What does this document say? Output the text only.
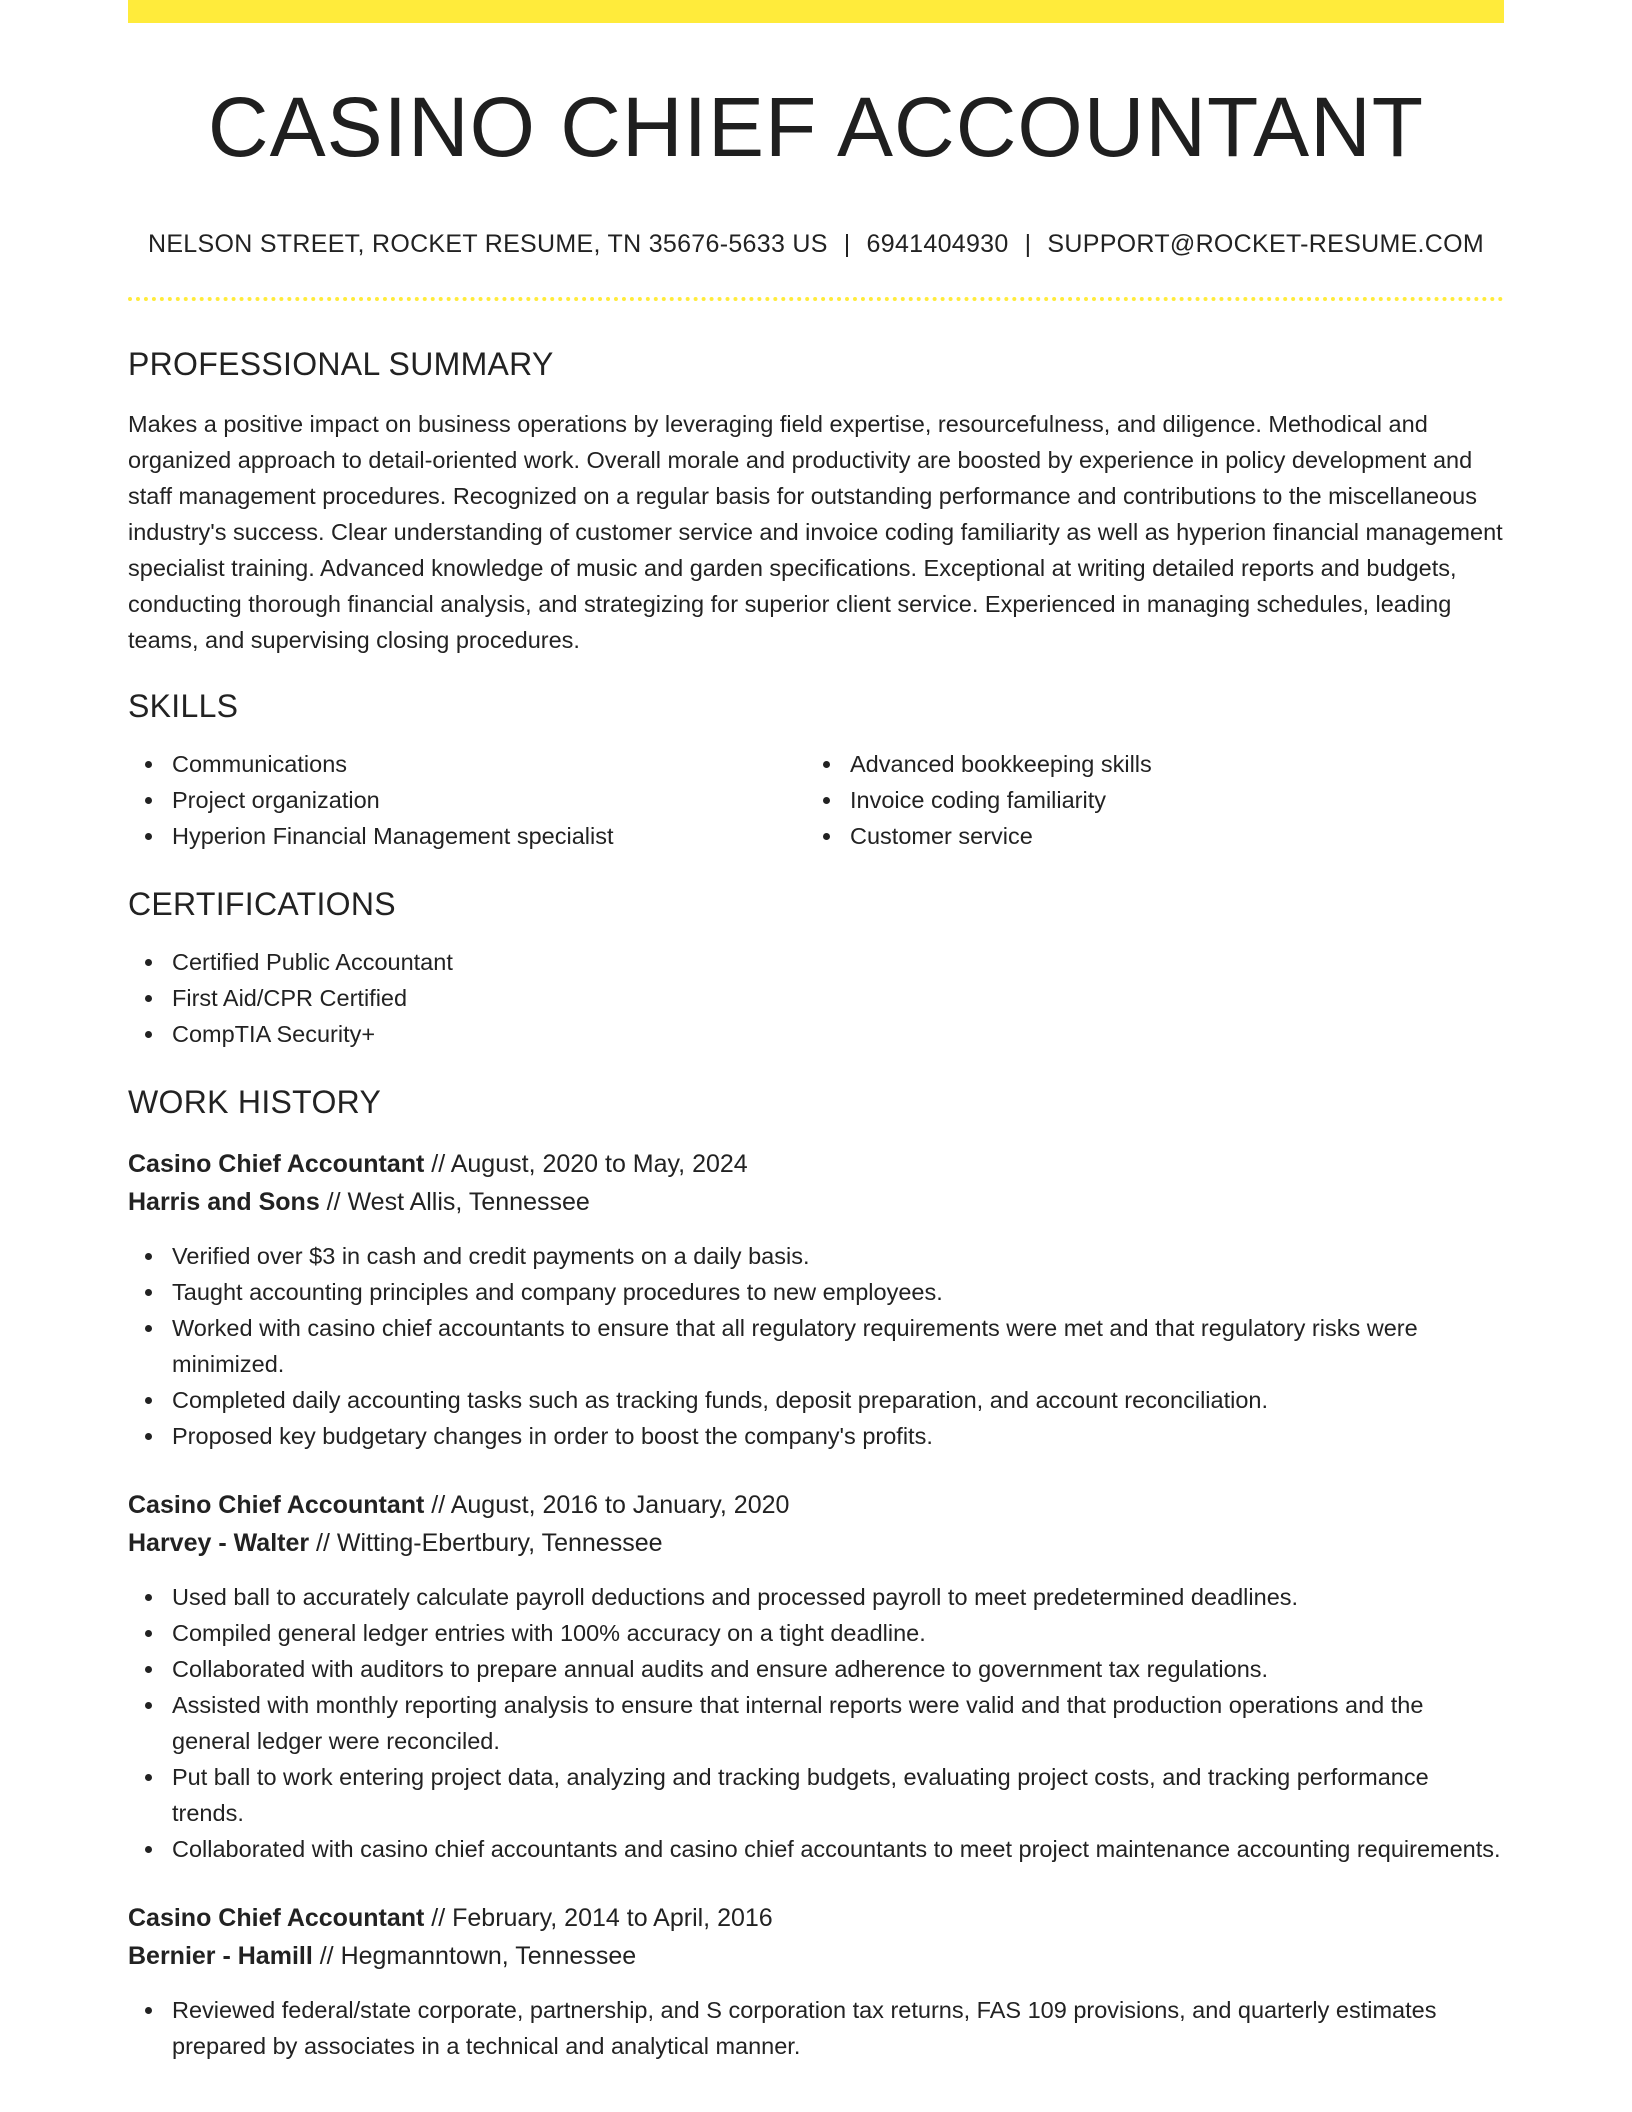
CASINO CHIEF ACCOUNTANT
NELSON STREET, ROCKET RESUME, TN 35676-5633 US | 6941404930 | SUPPORT@ROCKET-RESUME.COM
PROFESSIONAL SUMMARY

Makes a positive impact on business operations by leveraging field expertise, resourcefulness, and diligence. Methodical and organized approach to detail-oriented work. Overall morale and productivity are boosted by experience in policy development and staff management procedures. Recognized on a regular basis for outstanding performance and contributions to the miscellaneous industry's success. Clear understanding of customer service and invoice coding familiarity as well as hyperion financial management specialist training. Advanced knowledge of music and garden specifications. Exceptional at writing detailed reports and budgets, conducting thorough financial analysis, and strategizing for superior client service. Experienced in managing schedules, leading teams, and supervising closing procedures.

SKILLS
Communications
Project organization
Hyperion Financial Management specialist
Advanced bookkeeping skills
Invoice coding familiarity
Customer service
CERTIFICATIONS
Certified Public Accountant
First Aid/CPR Certified
CompTIA Security+
WORK HISTORY
Casino Chief Accountant // August, 2020 to May, 2024
Harris and Sons // West Allis, Tennessee
Verified over $3 in cash and credit payments on a daily basis.
Taught accounting principles and company procedures to new employees.
Worked with casino chief accountants to ensure that all regulatory requirements were met and that regulatory risks were minimized.
Completed daily accounting tasks such as tracking funds, deposit preparation, and account reconciliation.
Proposed key budgetary changes in order to boost the company's profits.
Casino Chief Accountant // August, 2016 to January, 2020
Harvey - Walter // Witting-Ebertbury, Tennessee
Used ball to accurately calculate payroll deductions and processed payroll to meet predetermined deadlines.
Compiled general ledger entries with 100% accuracy on a tight deadline.
Collaborated with auditors to prepare annual audits and ensure adherence to government tax regulations.
Assisted with monthly reporting analysis to ensure that internal reports were valid and that production operations and the general ledger were reconciled.
Put ball to work entering project data, analyzing and tracking budgets, evaluating project costs, and tracking performance trends.
Collaborated with casino chief accountants and casino chief accountants to meet project maintenance accounting requirements.
Casino Chief Accountant // February, 2014 to April, 2016
Bernier - Hamill // Hegmanntown, Tennessee
Reviewed federal/state corporate, partnership, and S corporation tax returns, FAS 109 provisions, and quarterly estimates prepared by associates in a technical and analytical manner.
